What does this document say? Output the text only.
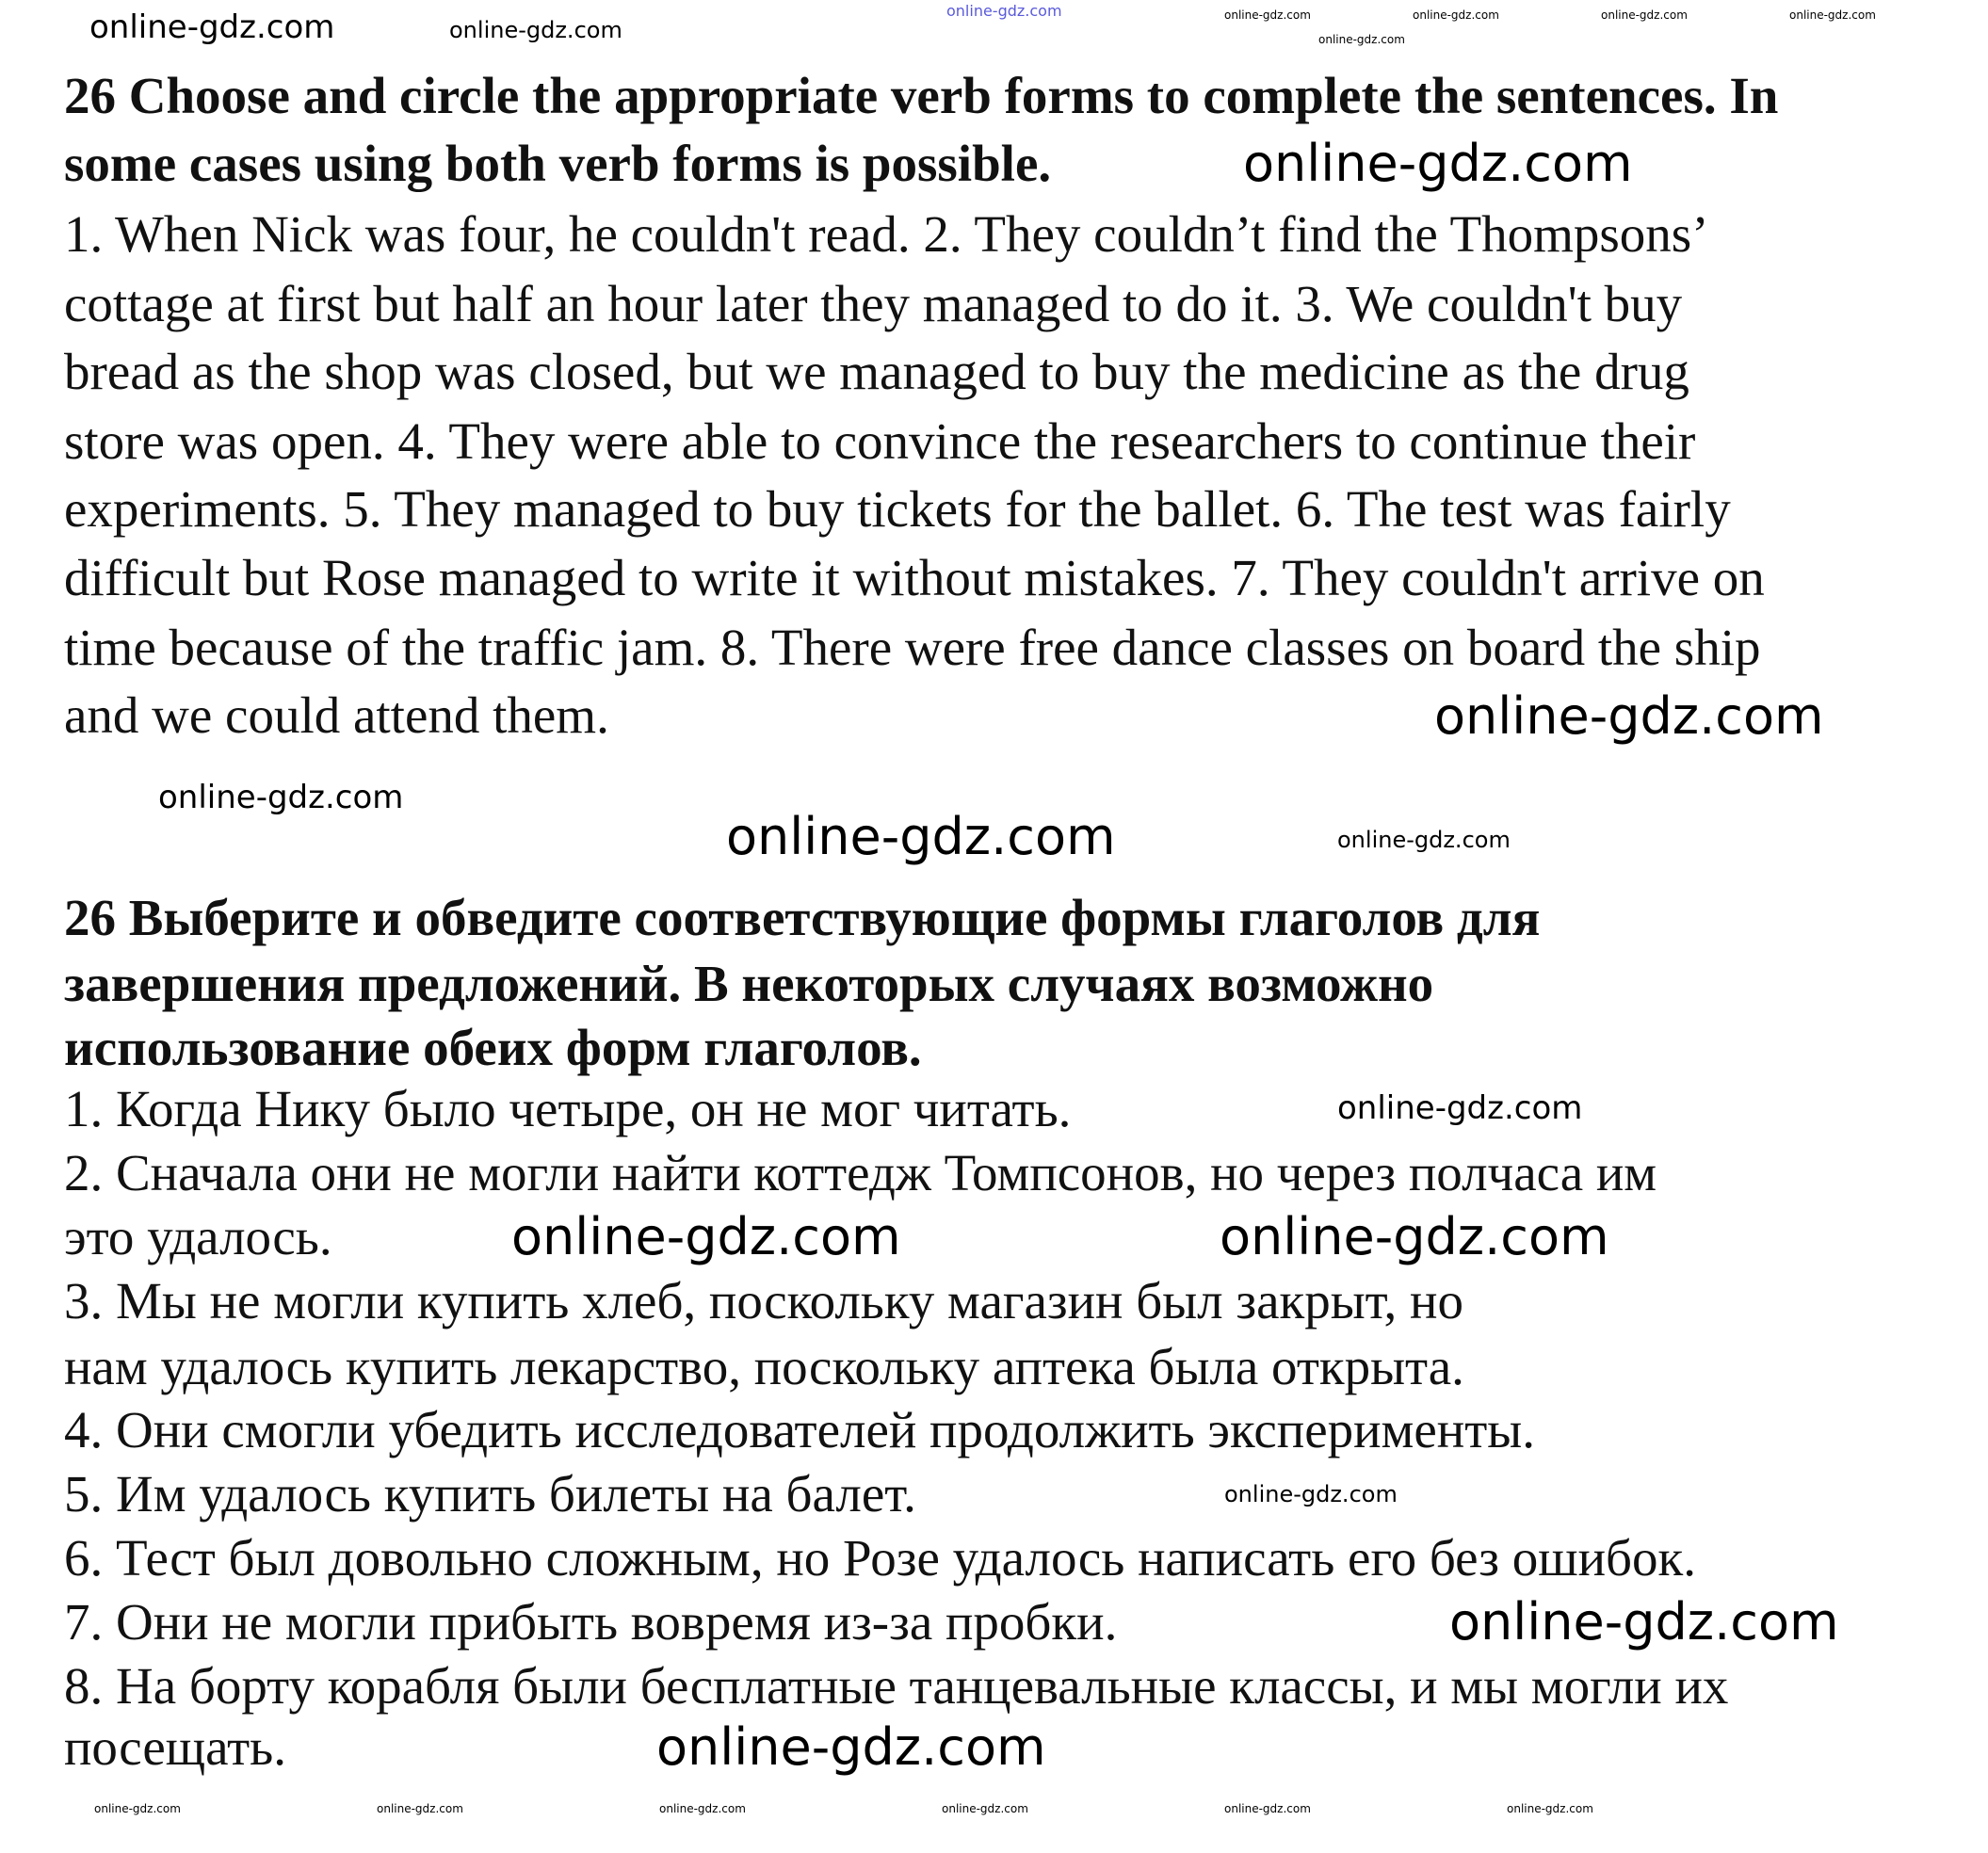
26 Choose and circle the appropriate verb forms to complete the sentences. In
some cases using both verb forms is possible.
1. When Nick was four, he couldn't read. 2. They couldn’t find the Thompsons’
cottage at first but half an hour later they managed to do it. 3. We couldn't buy
bread as the shop was closed, but we managed to buy the medicine as the drug
store was open. 4. They were able to convince the researchers to continue their
experiments. 5. They managed to buy tickets for the ballet. 6. The test was fairly
difficult but Rose managed to write it without mistakes. 7. They couldn't arrive on
time because of the traffic jam. 8. There were free dance classes on board the ship
and we could attend them.
26 Выберите и обведите соответствующие формы глаголов для
завершения предложений. В некоторых случаях возможно
использование обеих форм глаголов.
1. Когда Нику было четыре, он не мог читать.
2. Сначала они не могли найти коттедж Томпсонов, но через полчаса им
это удалось.
3. Мы не могли купить хлеб, поскольку магазин был закрыт, но
нам удалось купить лекарство, поскольку аптека была открыта.
4. Они смогли убедить исследователей продолжить эксперименты.
5. Им удалось купить билеты на балет.
6. Тест был довольно сложным, но Розе удалось написать его без ошибок.
7. Они не могли прибыть вовремя из-за пробки.
8. На борту корабля были бесплатные танцевальные классы, и мы могли их
посещать.
online-gdz.com
online-gdz.com	online-gdz.com
online-gdz.com	online-gdz.com	online-gdz.com	online-gdz.com
online-gdz.com
online-gdz.com
online-gdz.com
online-gdz.com
online-gdz.com	online-gdz.com
online-gdz.com
online-gdz.com	online-gdz.com
online-gdz.com
online-gdz.com
online-gdz.com
online-gdz.com	online-gdz.com	online-gdz.com	online-gdz.com	online-gdz.com	online-gdz.com
